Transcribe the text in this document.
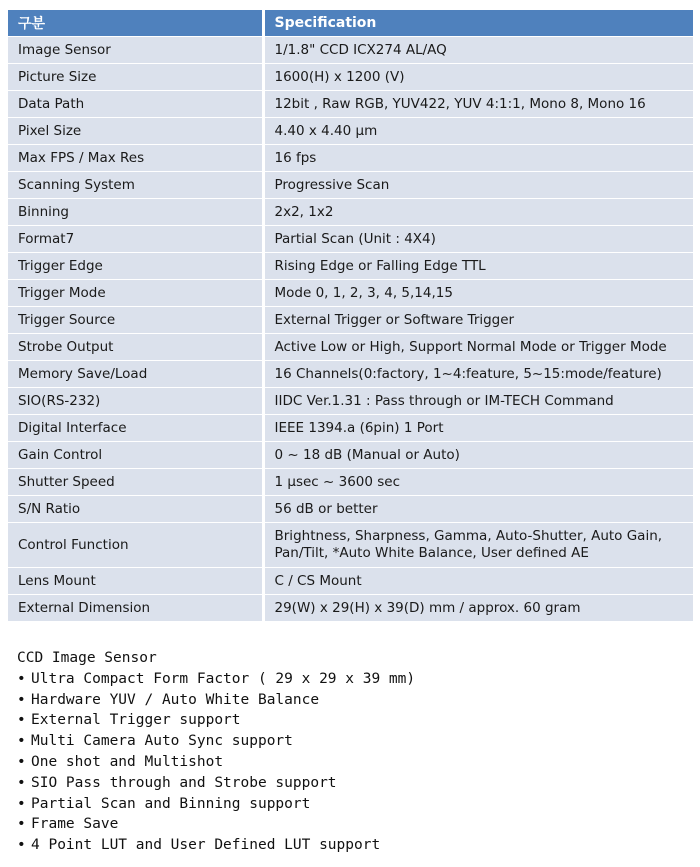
구분	Specification
Image Sensor	1/1.8" CCD ICX274 AL/AQ
Picture Size	1600(H) x 1200 (V)
Data Path	12bit , Raw RGB, YUV422, YUV 4:1:1, Mono 8, Mono 16
Pixel Size	4.40 x 4.40 μm
Max FPS / Max Res	16 fps
Scanning System	Progressive Scan
Binning	2x2, 1x2
Format7	Partial Scan (Unit : 4X4)
Trigger Edge	Rising Edge or Falling Edge TTL
Trigger Mode	Mode 0, 1, 2, 3, 4, 5,14,15
Trigger Source	External Trigger or Software Trigger
Strobe Output	Active Low or High, Support Normal Mode or Trigger Mode
Memory Save/Load	16 Channels(0:factory, 1~4:feature, 5~15:mode/feature)
SIO(RS-232)	IIDC Ver.1.31 : Pass through or IM-TECH Command
Digital Interface	IEEE 1394.a (6pin) 1 Port
Gain Control	0 ~ 18 dB (Manual or Auto)
Shutter Speed	1 μsec ~ 3600 sec
S/N Ratio	56 dB or better
Control Function	Brightness, Sharpness, Gamma, Auto-Shutter, Auto Gain, Pan/Tilt, *Auto White Balance, User defined AE
Lens Mount	C / CS Mount
External Dimension	29(W) x 29(H) x 39(D) mm / approx. 60 gram
CCD Image Sensor
• Ultra Compact Form Factor ( 29 x 29 x 39 mm)
• Hardware YUV / Auto White Balance
• External Trigger support
• Multi Camera Auto Sync support
• One shot and Multishot
• SIO Pass through and Strobe support
• Partial Scan and Binning support
• Frame Save
• 4 Point LUT and User Defined LUT support
